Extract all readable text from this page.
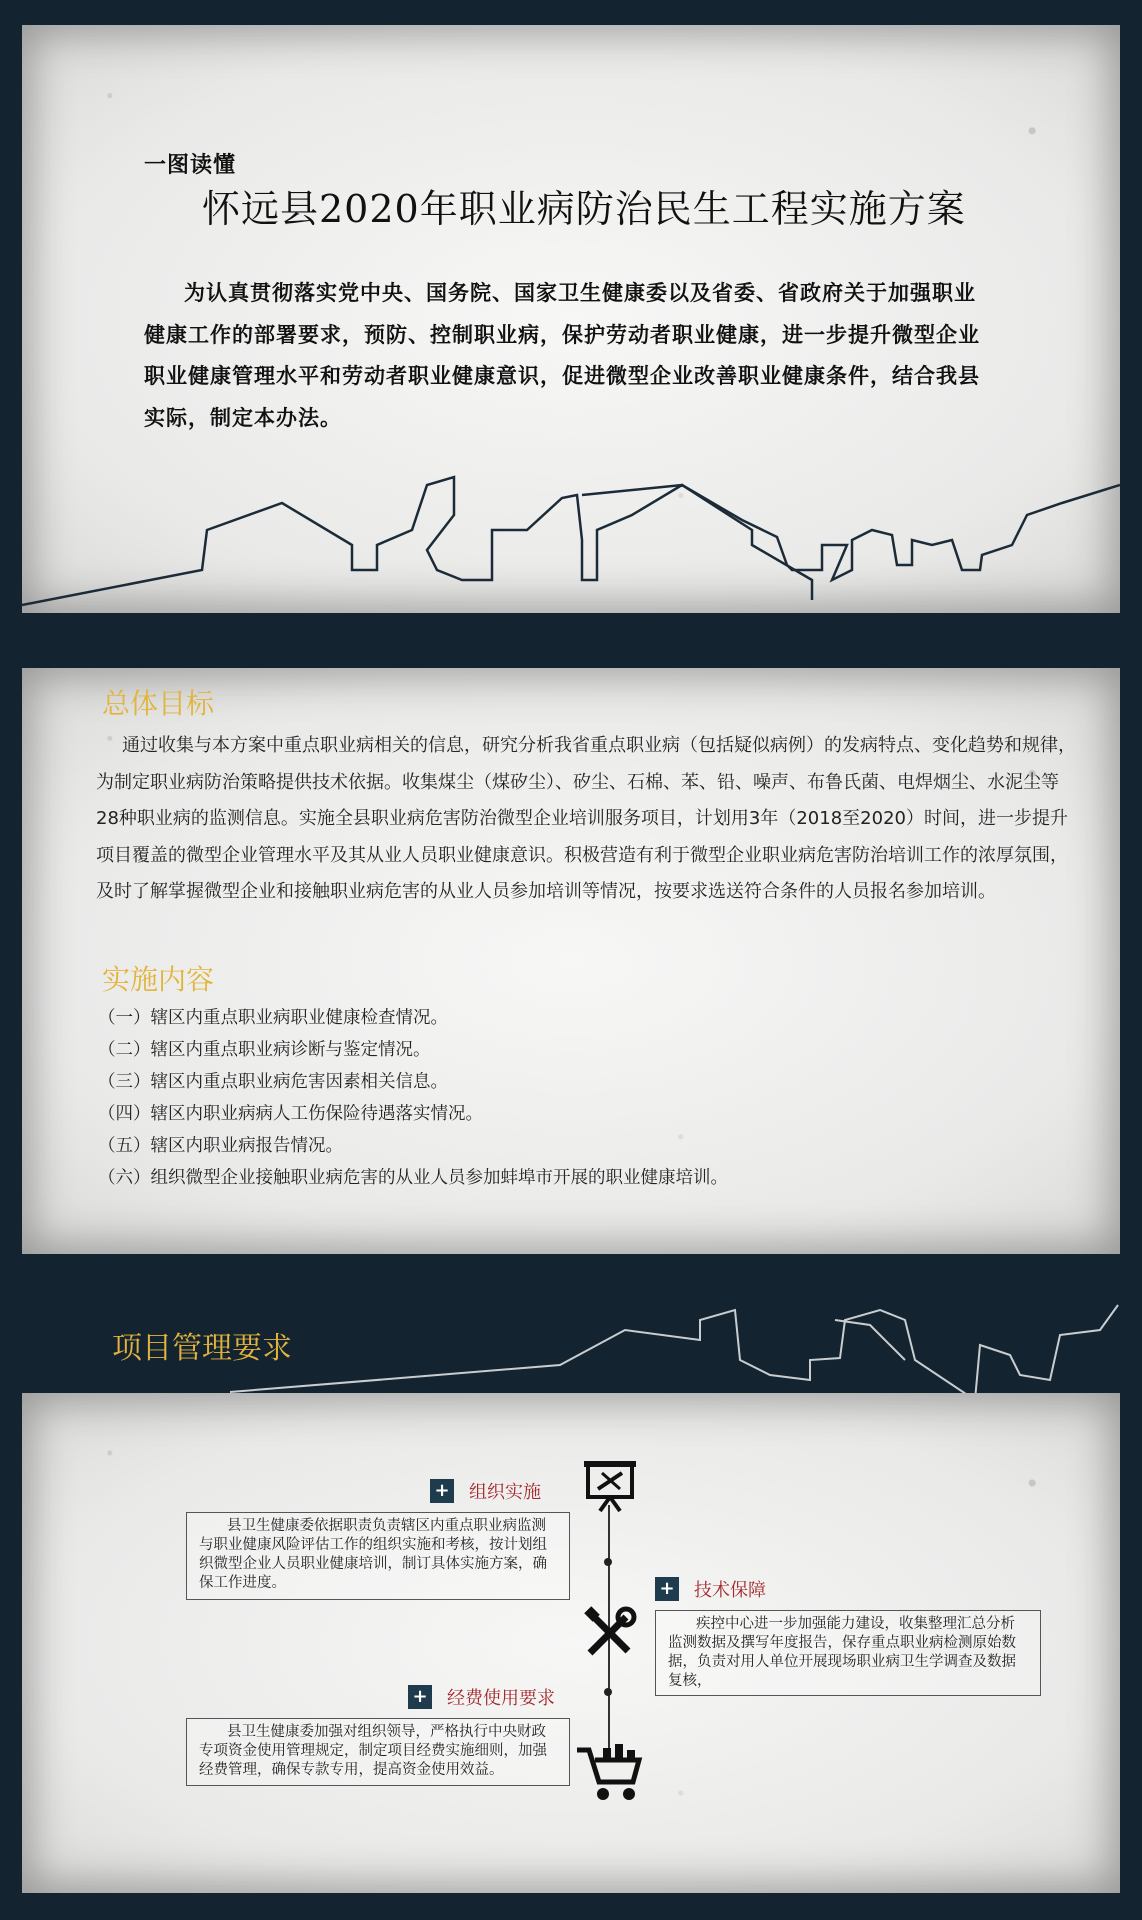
一图读懂
怀远县2020年职业病防治民生工程实施方案
为认真贯彻落实党中央、国务院、国家卫生健康委以及省委、省政府关于加强职业健康工作的部署要求，预防、控制职业病，保护劳动者职业健康，进一步提升微型企业职业健康管理水平和劳动者职业健康意识，促进微型企业改善职业健康条件，结合我县实际，制定本办法。
总体目标
通过收集与本方案中重点职业病相关的信息，研究分析我省重点职业病（包括疑似病例）的发病特点、变化趋势和规律，为制定职业病防治策略提供技术依据。收集煤尘（煤矽尘）、矽尘、石棉、苯、铅、噪声、布鲁氏菌、电焊烟尘、水泥尘等28种职业病的监测信息。实施全县职业病危害防治微型企业培训服务项目，计划用3年（2018至2020）时间，进一步提升项目覆盖的微型企业管理水平及其从业人员职业健康意识。积极营造有利于微型企业职业病危害防治培训工作的浓厚氛围，及时了解掌握微型企业和接触职业病危害的从业人员参加培训等情况，按要求选送符合条件的人员报名参加培训。
实施内容
（一）辖区内重点职业病职业健康检查情况。
（二）辖区内重点职业病诊断与鉴定情况。
（三）辖区内重点职业病危害因素相关信息。
（四）辖区内职业病病人工伤保险待遇落实情况。
（五）辖区内职业病报告情况。
（六）组织微型企业接触职业病危害的从业人员参加蚌埠市开展的职业健康培训。
项目管理要求
+ 组织实施
县卫生健康委依据职责负责辖区内重点职业病监测与职业健康风险评估工作的组织实施和考核，按计划组织微型企业人员职业健康培训，制订具体实施方案，确保工作进度。	+ 技术保障
疾控中心进一步加强能力建设，收集整理汇总分析监测数据及撰写年度报告，保存重点职业病检测原始数据，负责对用人单位开展现场职业病卫生学调查及数据复核，
+ 经费使用要求
县卫生健康委加强对组织领导，严格执行中央财政专项资金使用管理规定，制定项目经费实施细则，加强经费管理，确保专款专用，提高资金使用效益。
